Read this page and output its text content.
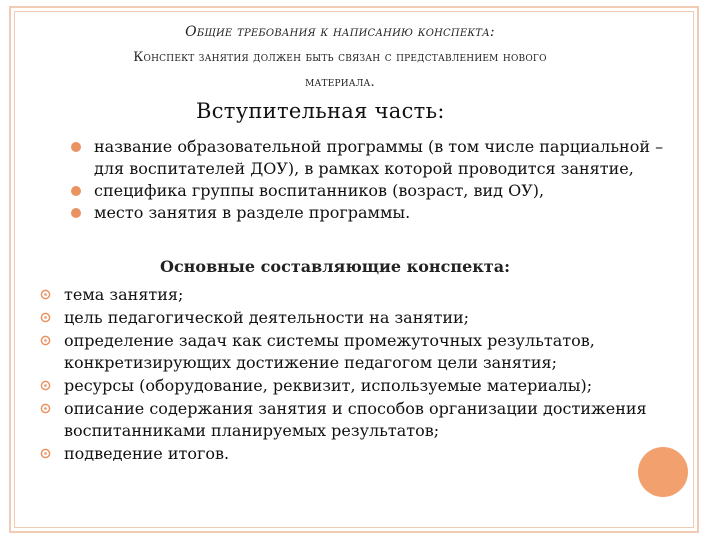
Общие требования к написанию конспекта:
Конспект занятия должен быть связан с представлением нового
материала.
Вступительная часть:
название образовательной программы (в том числе парциальной – для воспитателей ДОУ), в рамках которой проводится занятие,
специфика группы воспитанников (возраст, вид ОУ),
место занятия в разделе программы.
Основные составляющие конспекта:
тема занятия;
цель педагогической деятельности на занятии;
определение задач как системы промежуточных результатов, конкретизирующих достижение педагогом цели занятия;
ресурсы (оборудование, реквизит, используемые материалы);
описание содержания занятия и способов организации достижения воспитанниками планируемых результатов;
подведение итогов.
